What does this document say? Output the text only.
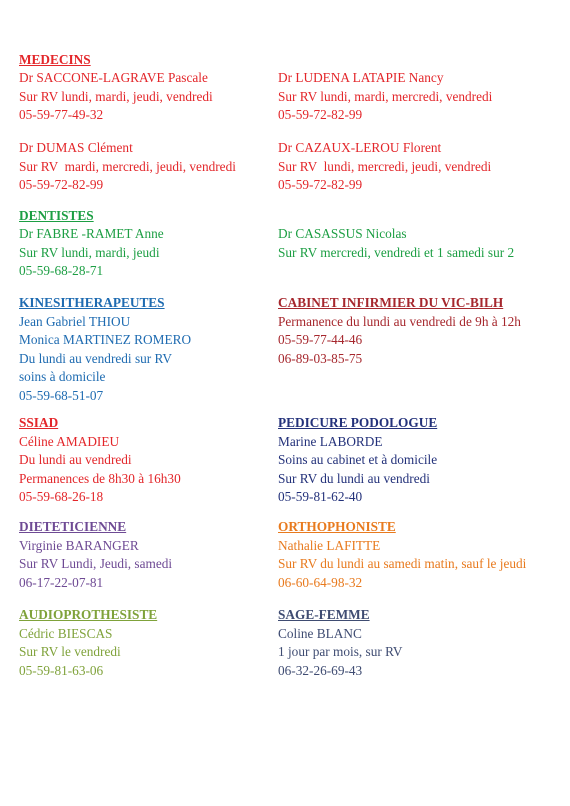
MEDECINS
Dr SACCONE-LAGRAVE Pascale
Sur RV lundi, mardi, jeudi, vendredi
05-59-77-49-32
Dr LUDENA LATAPIE Nancy
Sur RV lundi, mardi, mercredi, vendredi
05-59-72-82-99
Dr DUMAS Clément
Sur RV  mardi, mercredi, jeudi, vendredi
05-59-72-82-99
Dr CAZAUX-LEROU Florent
Sur RV  lundi, mercredi, jeudi, vendredi
05-59-72-82-99
DENTISTES
Dr FABRE -RAMET Anne
Sur RV lundi, mardi, jeudi
05-59-68-28-71
Dr CASASSUS Nicolas
Sur RV mercredi, vendredi et 1 samedi sur 2
KINESITHERAPEUTES
Jean Gabriel THIOU
Monica MARTINEZ ROMERO
Du lundi au vendredi sur RV
soins à domicile
05-59-68-51-07
CABINET INFIRMIER DU VIC-BILH
Permanence du lundi au vendredi de 9h à 12h
05-59-77-44-46
06-89-03-85-75
SSIAD
Céline AMADIEU
Du lundi au vendredi
Permanences de 8h30 à 16h30
05-59-68-26-18
PEDICURE PODOLOGUE
Marine LABORDE
Soins au cabinet et à domicile
Sur RV du lundi au vendredi
05-59-81-62-40
DIETETICIENNE
Virginie BARANGER
Sur RV Lundi, Jeudi, samedi
06-17-22-07-81
ORTHOPHONISTE
Nathalie LAFITTE
Sur RV du lundi au samedi matin, sauf le jeudi
06-60-64-98-32
AUDIOPROTHESISTE
Cédric BIESCAS
Sur RV le vendredi
05-59-81-63-06
SAGE-FEMME
Coline BLANC
1 jour par mois, sur RV
06-32-26-69-43
